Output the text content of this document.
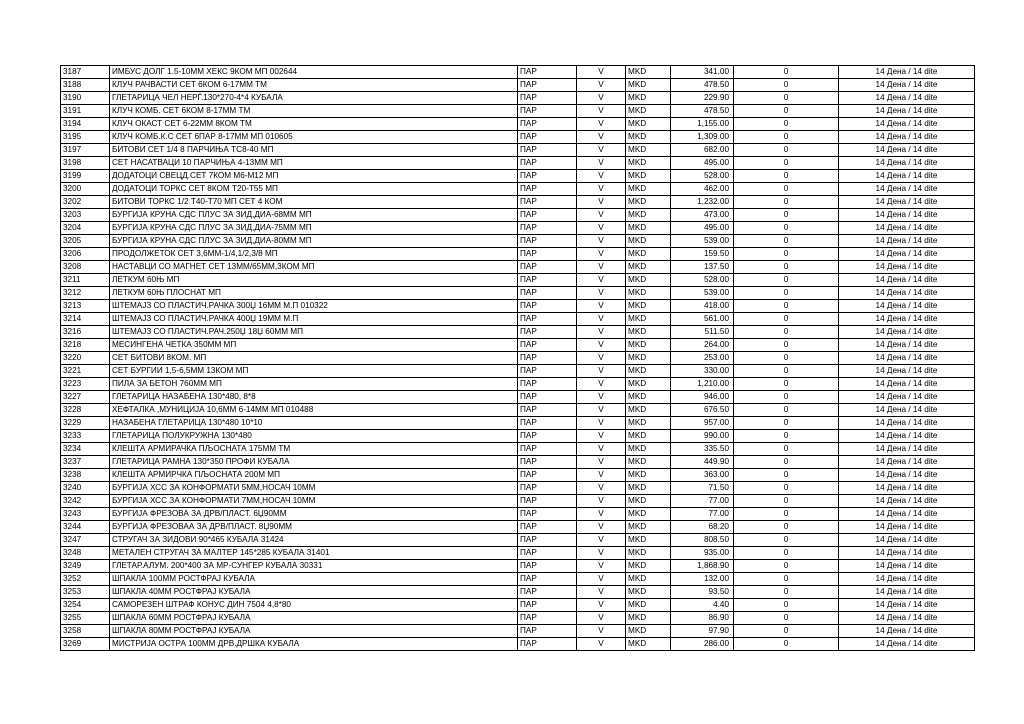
3187	ИМБУС ДОЛГ 1.5-10ММ ХЕКС 9КОМ МП 002644	ПАР	V	MKD	341.00	0	14 Дена / 14 dite
3188	КЛУЧ РАЧВАСТИ СЕТ 6КОМ 6-17ММ ТМ	ПАР	V	MKD	478.50	0	14 Дена / 14 dite
3190	ГЛЕТАРИЦА ЧЕЛ НЕРЃ.130*270-4*4 КУБАЛА	ПАР	V	MKD	229.90	0	14 Дена / 14 dite
3191	КЛУЧ КОМБ. СЕТ 6КОМ 8-17ММ ТМ	ПАР	V	MKD	478.50	0	14 Дена / 14 dite
3194	КЛУЧ ОКАСТ СЕТ 6-22ММ 8КОМ ТМ	ПАР	V	MKD	1,155.00	0	14 Дена / 14 dite
3195	КЛУЧ КОМБ.К.С СЕТ 6ПАР 8-17ММ МП 010605	ПАР	V	MKD	1,309.00	0	14 Дена / 14 dite
3197	БИТОВИ СЕТ 1/4 8 ПАРЧИЊА ТС8-40 МП	ПАР	V	MKD	682.00	0	14 Дена / 14 dite
3198	СЕТ НАСАТВАЦИ 10 ПАРЧИЊА 4-13ММ МП	ПАР	V	MKD	495.00	0	14 Дена / 14 dite
3199	ДОДАТОЦИ СВЕЦД.СЕТ 7КОМ М6-М12 МП	ПАР	V	MKD	528.00	0	14 Дена / 14 dite
3200	ДОДАТОЦИ ТОРКС СЕТ 8КОМ Т20-Т55 МП	ПАР	V	MKD	462.00	0	14 Дена / 14 dite
3202	БИТОВИ ТОРКС 1/2 Т40-Т70 МП СЕТ 4 КОМ	ПАР	V	MKD	1,232.00	0	14 Дена / 14 dite
3203	БУРГИЈА КРУНА СДС ПЛУС ЗА ЗИД,ДИА-68ММ МП	ПАР	V	MKD	473.00	0	14 Дена / 14 dite
3204	БУРГИЈА КРУНА СДС ПЛУС ЗА ЗИД,ДИА-75ММ МП	ПАР	V	MKD	495.00	0	14 Дена / 14 dite
3205	БУРГИЈА КРУНА СДС ПЛУС ЗА ЗИД,ДИА-80ММ МП	ПАР	V	MKD	539.00	0	14 Дена / 14 dite
3206	ПРОДОЛЖЕТОК СЕТ 3,6ММ-1/4,1/2,3/8 МП	ПАР	V	MKD	159.50	0	14 Дена / 14 dite
3208	НАСТАВЦИ СО МАГНЕТ СЕТ 13ММ/65ММ,3КОМ МП	ПАР	V	MKD	137.50	0	14 Дена / 14 dite
3211	ЛЕТКУМ 60Њ МП	ПАР	V	MKD	528.00	0	14 Дена / 14 dite
3212	ЛЕТКУМ 60Њ ПЛОСНАТ МП	ПАР	V	MKD	539.00	0	14 Дена / 14 dite
3213	ШТЕМАЈЗ СО ПЛАСТИЧ.РАЧКА 300Џ 16ММ М.П 010322	ПАР	V	MKD	418.00	0	14 Дена / 14 dite
3214	ШТЕМАЈЗ СО ПЛАСТИЧ.РАЧКА 400Џ 19ММ М.П	ПАР	V	MKD	561.00	0	14 Дена / 14 dite
3216	ШТЕМАЈЗ СО ПЛАСТИЧ.РАЧ.250Џ 18Џ 60ММ МП	ПАР	V	MKD	511.50	0	14 Дена / 14 dite
3218	МЕСИНГЕНА ЧЕТКА 350ММ МП	ПАР	V	MKD	264.00	0	14 Дена / 14 dite
3220	СЕТ БИТОВИ 8КОМ. МП	ПАР	V	MKD	253.00	0	14 Дена / 14 dite
3221	СЕТ БУРГИИ 1,5-6,5ММ 13КОМ МП	ПАР	V	MKD	330.00	0	14 Дена / 14 dite
3223	ПИЛА ЗА БЕТОН 760ММ МП	ПАР	V	MKD	1,210.00	0	14 Дена / 14 dite
3227	ГЛЕТАРИЦА НАЗАБЕНА 130*480, 8*8	ПАР	V	MKD	946.00	0	14 Дена / 14 dite
3228	ХЕФТАЛКА ,МУНИЦИЈА 10,6ММ 6-14ММ МП 010488	ПАР	V	MKD	676.50	0	14 Дена / 14 dite
3229	НАЗАБЕНА ГЛЕТАРИЦА 130*480 10*10	ПАР	V	MKD	957.00	0	14 Дена / 14 dite
3233	ГЛЕТАРИЦА ПОЛУКРУЖНА 130*480	ПАР	V	MKD	990.00	0	14 Дена / 14 dite
3234	КЛЕШТА АРМИРАЧКА ПЉОСНАТА 175ММ ТМ	ПАР	V	MKD	335.50	0	14 Дена / 14 dite
3237	ГЛЕТАРИЦА РАМНА 130*350 ПРОФИ КУБАЛА	ПАР	V	MKD	449.90	0	14 Дена / 14 dite
3238	КЛЕШТА АРМИРЧКА ПЉОСНАТА 200М МП	ПАР	V	MKD	363.00	0	14 Дена / 14 dite
3240	БУРГИЈА ХСС ЗА КОНФОРМАТИ 5ММ,НОСАЧ 10ММ	ПАР	V	MKD	71.50	0	14 Дена / 14 dite
3242	БУРГИЈА ХСС ЗА КОНФОРМАТИ 7ММ,НОСАЧ 10ММ	ПАР	V	MKD	77.00	0	14 Дена / 14 dite
3243	БУРГИЈА ФРЕЗОВА ЗА ДРВ/ПЛАСТ. 6Џ90ММ	ПАР	V	MKD	77.00	0	14 Дена / 14 dite
3244	БУРГИЈА ФРЕЗОВАА ЗА ДРВ/ПЛАСТ. 8Џ90ММ	ПАР	V	MKD	68.20	0	14 Дена / 14 dite
3247	СТРУГАЧ ЗА ЗИДОВИ 90*465 КУБАЛА 31424	ПАР	V	MKD	808.50	0	14 Дена / 14 dite
3248	МЕТАЛЕН СТРУГАЧ ЗА МАЛТЕР 145*285 КУБАЛА 31401	ПАР	V	MKD	935.00	0	14 Дена / 14 dite
3249	ГЛЕТАР.АЛУМ. 200*400 ЗА МР-СУНГЕР КУБАЛА 30331	ПАР	V	MKD	1,868.90	0	14 Дена / 14 dite
3252	ШПАКЛА 100ММ РОСТФРАЈ КУБАЛА	ПАР	V	MKD	132.00	0	14 Дена / 14 dite
3253	ШПАКЛА 40ММ РОСТФРАЈ КУБАЛА	ПАР	V	MKD	93.50	0	14 Дена / 14 dite
3254	САМОРЕЗЕН ШТРАФ КОНУС ДИН 7504 4,8*80	ПАР	V	MKD	4.40	0	14 Дена / 14 dite
3255	ШПАКЛА 60ММ РОСТФРАЈ КУБАЛА	ПАР	V	MKD	86.90	0	14 Дена / 14 dite
3258	ШПАКЛА 80ММ РОСТФРАЈ КУБАЛА	ПАР	V	MKD	97.90	0	14 Дена / 14 dite
3269	МИСТРИЈА ОСТРА 100ММ ДРВ.ДРШКА КУБАЛА	ПАР	V	MKD	286.00	0	14 Дена / 14 dite
